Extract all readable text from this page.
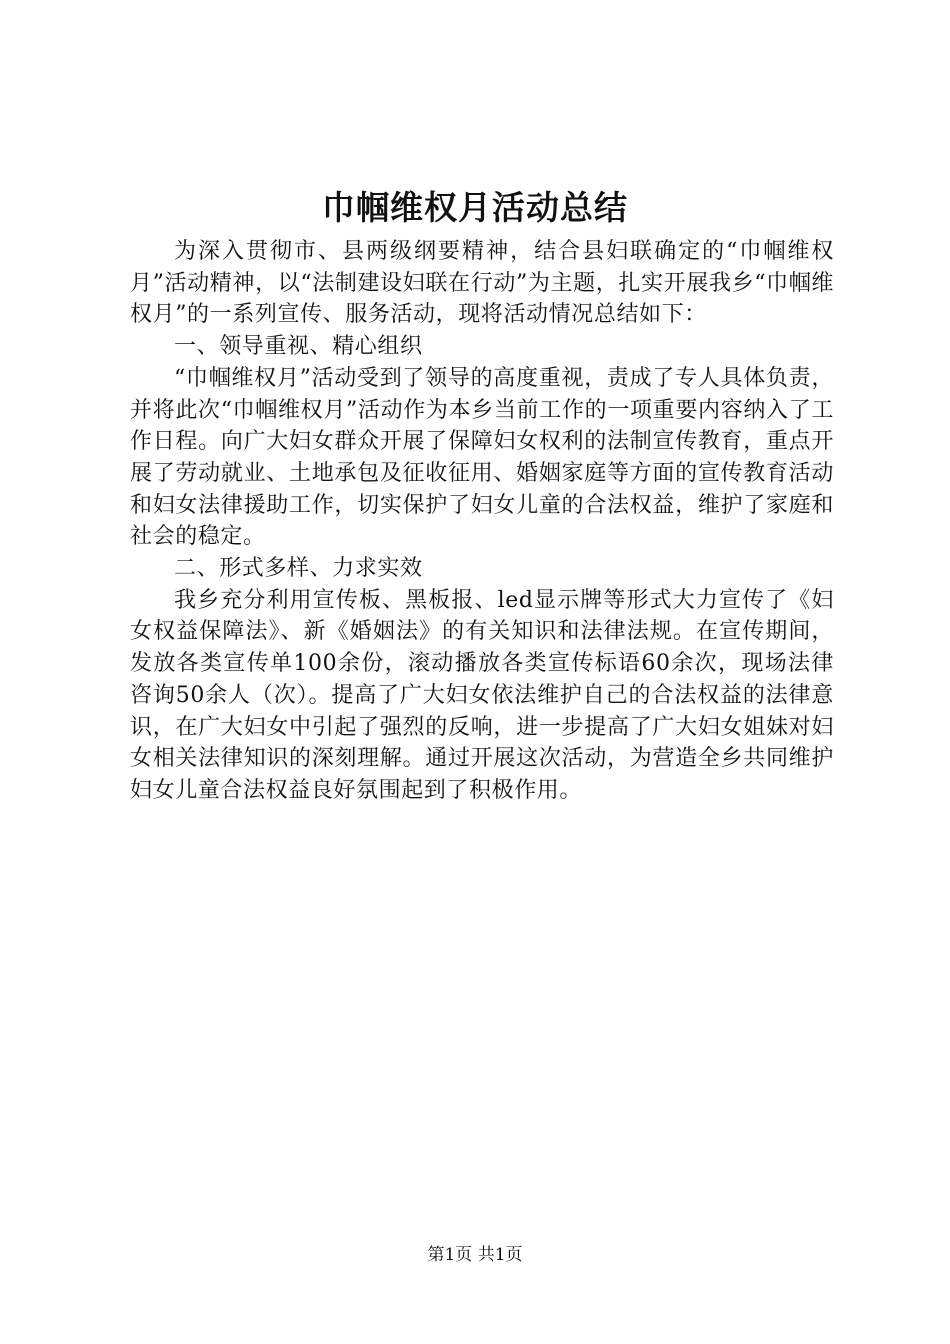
巾帼维权月活动总结

为深入贯彻市、县两级纲要精神，结合县妇联确定的“巾帼维权月”活动精神，以“法制建设妇联在行动”为主题，扎实开展我乡“巾帼维权月”的一系列宣传、服务活动，现将活动情况总结如下：

一、领导重视、精心组织

“巾帼维权月”活动受到了领导的高度重视，责成了专人具体负责，并将此次“巾帼维权月”活动作为本乡当前工作的一项重要内容纳入了工作日程。向广大妇女群众开展了保障妇女权利的法制宣传教育，重点开展了劳动就业、土地承包及征收征用、婚姻家庭等方面的宣传教育活动和妇女法律援助工作，切实保护了妇女儿童的合法权益，维护了家庭和社会的稳定。

二、形式多样、力求实效

我乡充分利用宣传板、黑板报、led显示牌等形式大力宣传了《妇女权益保障法》、新《婚姻法》的有关知识和法律法规。在宣传期间，发放各类宣传单100余份，滚动播放各类宣传标语60余次，现场法律咨询50余人（次）。提高了广大妇女依法维护自己的合法权益的法律意识，在广大妇女中引起了强烈的反响，进一步提高了广大妇女姐妹对妇女相关法律知识的深刻理解。通过开展这次活动，为营造全乡共同维护妇女儿童合法权益良好氛围起到了积极作用。

第1页 共1页
